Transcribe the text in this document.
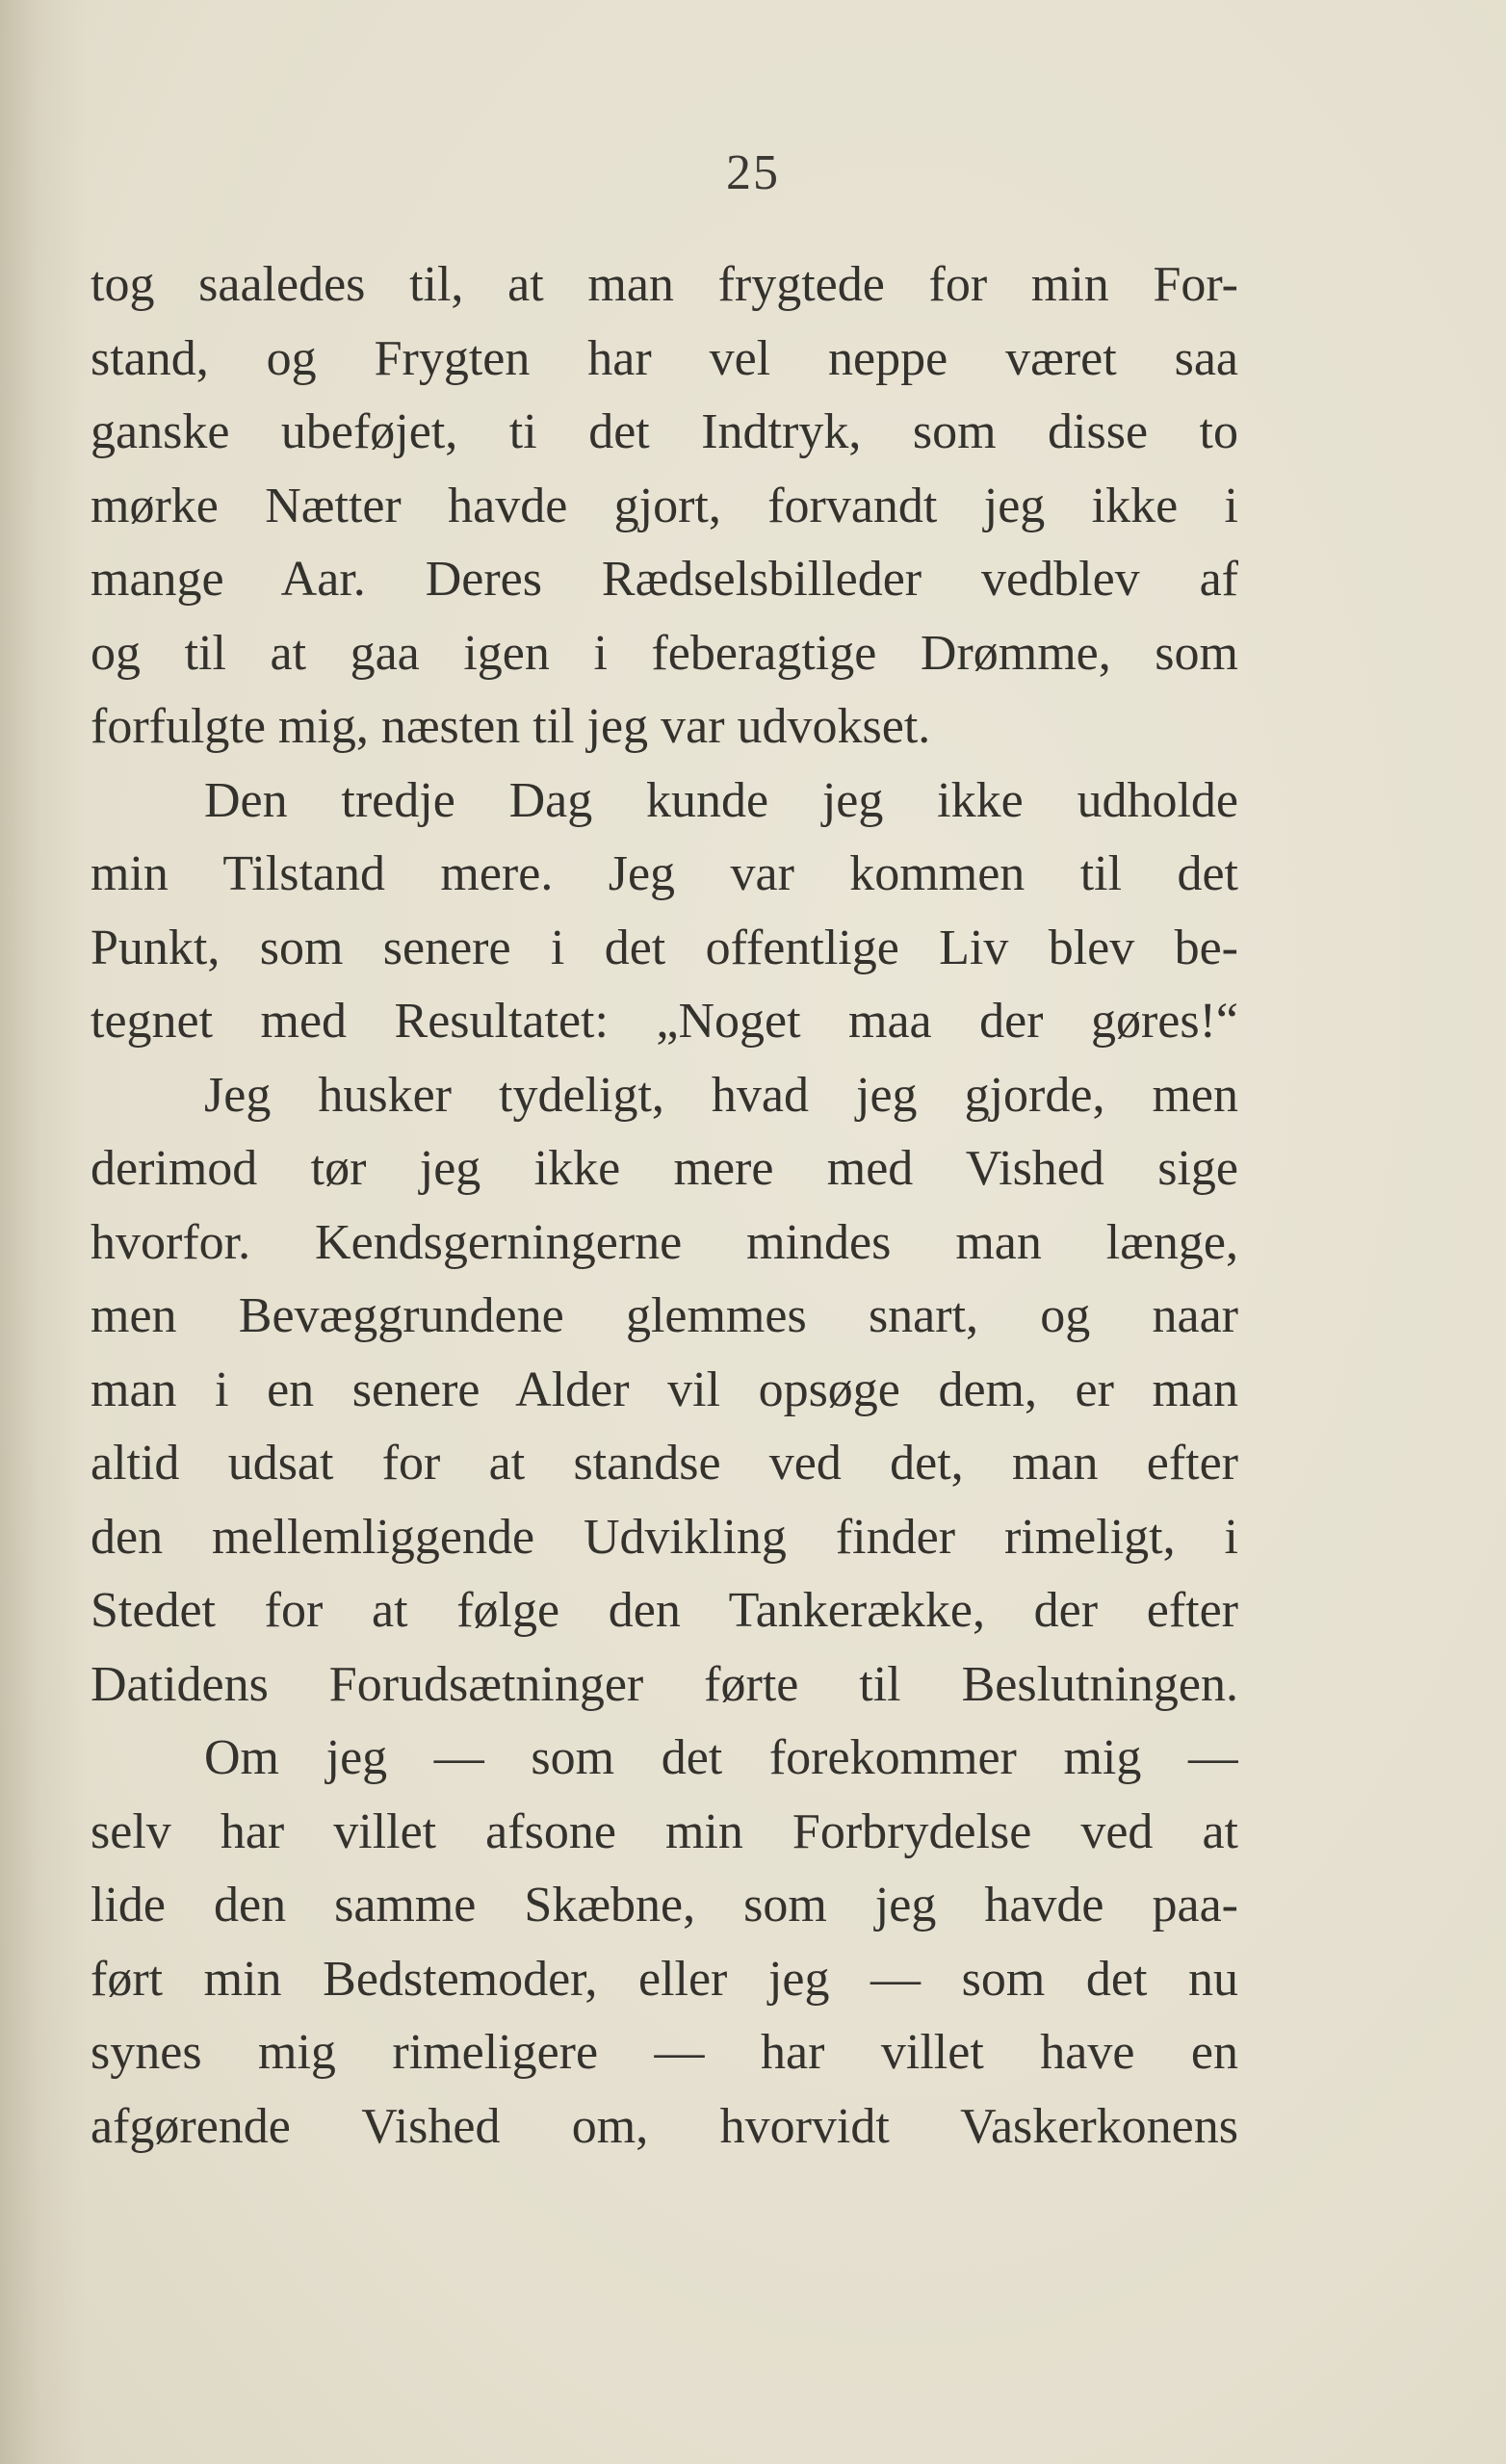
25
tog saaledes til, at man frygtede for min For-
stand, og Frygten har vel neppe været saa
ganske ubeføjet, ti det Indtryk, som disse to
mørke Nætter havde gjort, forvandt jeg ikke i
mange Aar. Deres Rædselsbilleder vedblev af
og til at gaa igen i feberagtige Drømme, som
forfulgte mig, næsten til jeg var udvokset.
Den tredje Dag kunde jeg ikke udholde
min Tilstand mere. Jeg var kommen til det
Punkt, som senere i det offentlige Liv blev be-
tegnet med Resultatet: „Noget maa der gøres!“
Jeg husker tydeligt, hvad jeg gjorde, men
derimod tør jeg ikke mere med Vished sige
hvorfor. Kendsgerningerne mindes man længe,
men Bevæggrundene glemmes snart, og naar
man i en senere Alder vil opsøge dem, er man
altid udsat for at standse ved det, man efter
den mellemliggende Udvikling finder rimeligt, i
Stedet for at følge den Tankerække, der efter
Datidens Forudsætninger førte til Beslutningen.
Om jeg — som det forekommer mig —
selv har villet afsone min Forbrydelse ved at
lide den samme Skæbne, som jeg havde paa-
ført min Bedstemoder, eller jeg — som det nu
synes mig rimeligere — har villet have en
afgørende Vished om, hvorvidt Vaskerkonens
